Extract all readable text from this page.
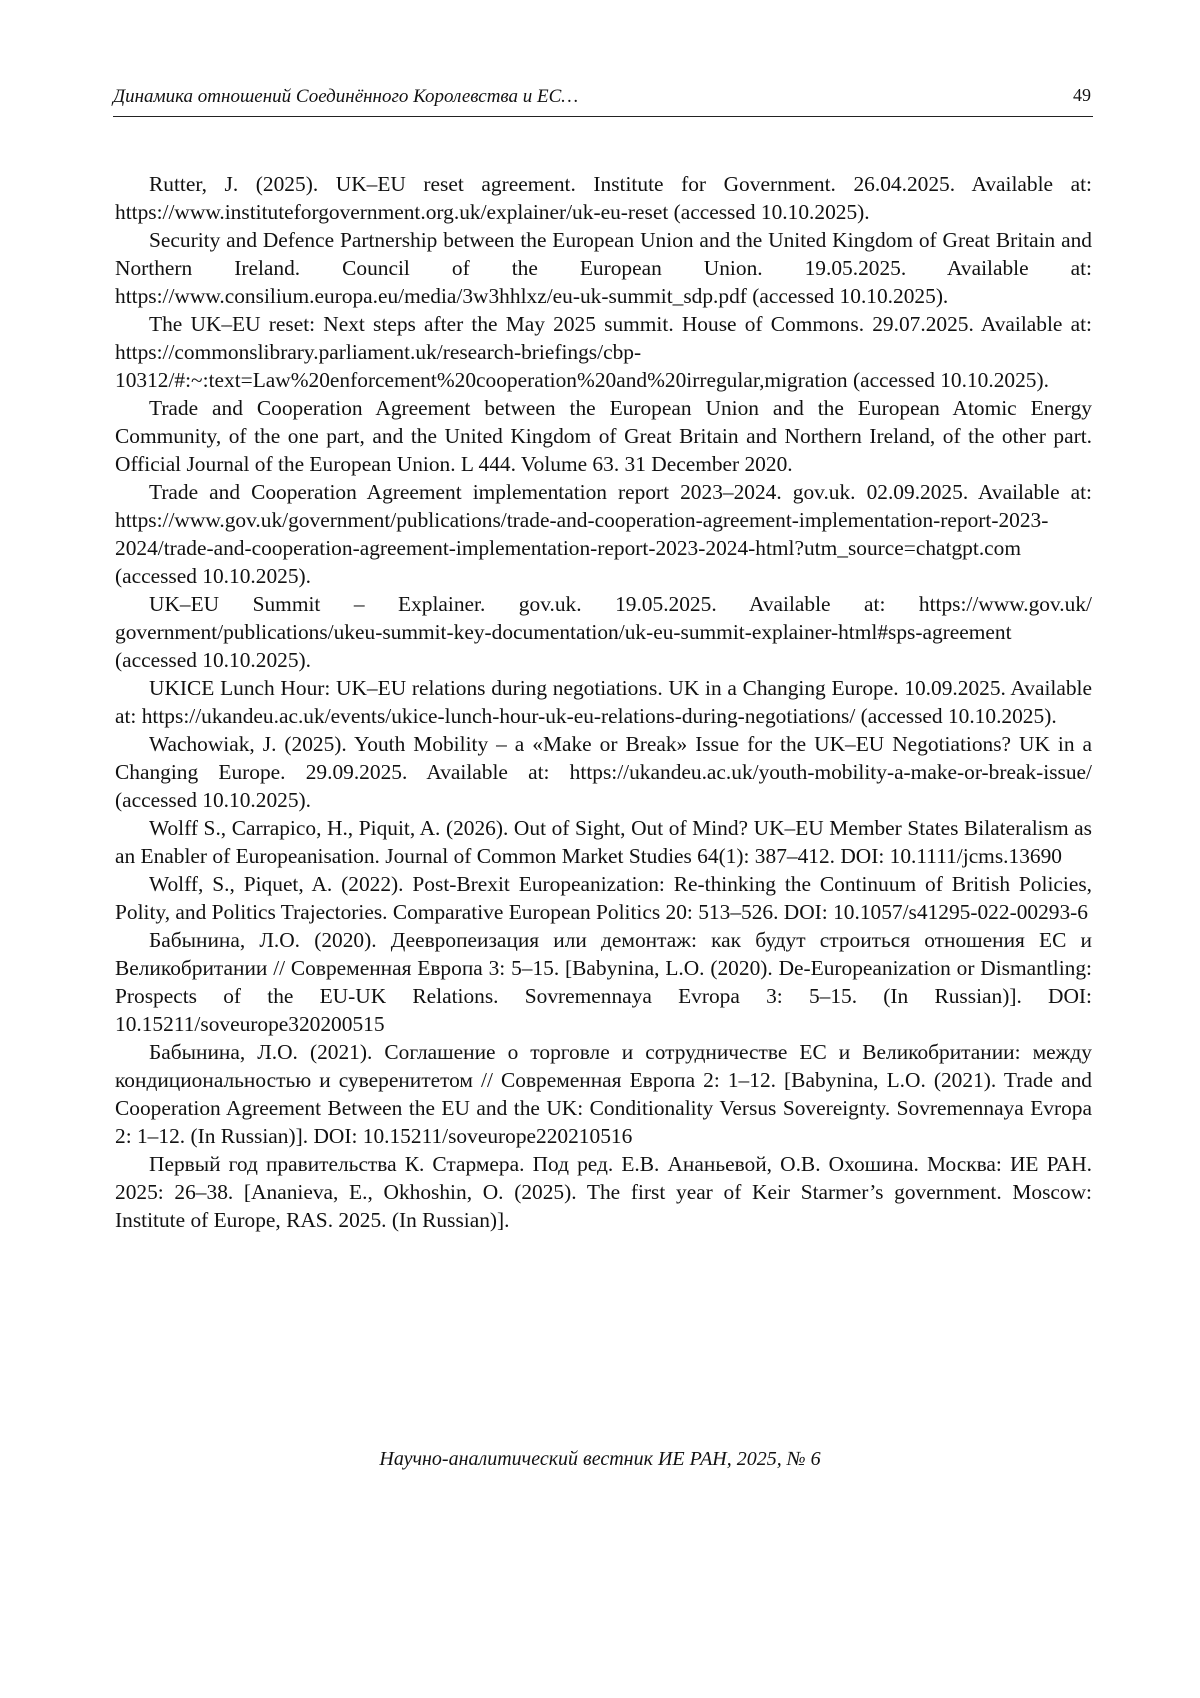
Динамика отношений Соединённого Королевства и ЕС…	49
Rutter, J. (2025). UK–EU reset agreement. Institute for Government. 26.04.2025. Available at: https://www.instituteforgovernment.org.uk/explainer/uk-eu-reset (accessed 10.10.2025).
Security and Defence Partnership between the European Union and the United Kingdom of Great Britain and Northern Ireland. Council of the European Union. 19.05.2025. Available at: https://www.consilium.europa.eu/media/3w3hhlxz/eu-uk-summit_sdp.pdf (accessed 10.10.2025).
The UK–EU reset: Next steps after the May 2025 summit. House of Commons. 29.07.2025. Available at: https://commonslibrary.parliament.uk/research-briefings/cbp-10312/#:~:text=Law%20enforcement%20cooperation%20and%20irregular,migration (accessed 10.10.2025).
Trade and Cooperation Agreement between the European Union and the European Atomic Energy Community, of the one part, and the United Kingdom of Great Britain and Northern Ireland, of the other part. Official Journal of the European Union. L 444. Volume 63. 31 December 2020.
Trade and Cooperation Agreement implementation report 2023–2024. gov.uk. 02.09.2025. Available at: https://www.gov.uk/government/publications/trade-and-cooperation-agreement-implementation-report-2023-2024/trade-and-cooperation-agreement-implementation-report-2023-2024-html?utm_source=chatgpt.com (accessed 10.10.2025).
UK–EU Summit – Explainer. gov.uk. 19.05.2025. Available at: https://www.gov.uk/ government/publications/ukeu-summit-key-documentation/uk-eu-summit-explainer-html#sps-agreement (accessed 10.10.2025).
UKICE Lunch Hour: UK–EU relations during negotiations. UK in a Changing Europe. 10.09.2025. Available at: https://ukandeu.ac.uk/events/ukice-lunch-hour-uk-eu-relations-during-negotiations/ (accessed 10.10.2025).
Wachowiak, J. (2025). Youth Mobility – a «Make or Break» Issue for the UK–EU Negotiations? UK in a Changing Europe. 29.09.2025. Available at: https://ukandeu.ac.uk/youth-mobility-a-make-or-break-issue/ (accessed 10.10.2025).
Wolff S., Carrapico, H., Piquit, A. (2026). Out of Sight, Out of Mind? UK–EU Member States Bilateralism as an Enabler of Europeanisation. Journal of Common Market Studies 64(1): 387–412. DOI: 10.1111/jcms.13690
Wolff, S., Piquet, A. (2022). Post-Brexit Europeanization: Re-thinking the Continuum of British Policies, Polity, and Politics Trajectories. Comparative European Politics 20: 513–526. DOI: 10.1057/s41295-022-00293-6
Бабынина, Л.О. (2020). Деевропеизация или демонтаж: как будут строиться отношения ЕС и Великобритании // Современная Европа 3: 5–15. [Babynina, L.O. (2020). De-Europeanization or Dismantling: Prospects of the EU-UK Relations. Sovremennaya Evropa 3: 5–15. (In Russian)]. DOI: 10.15211/soveurope320200515
Бабынина, Л.О. (2021). Соглашение о торговле и сотрудничестве ЕС и Великобритании: между кондициональностью и суверенитетом // Современная Европа 2: 1–12. [Babynina, L.O. (2021). Trade and Cooperation Agreement Between the EU and the UK: Conditionality Versus Sovereignty. Sovremennaya Evropa 2: 1–12. (In Russian)]. DOI: 10.15211/soveurope220210516
Первый год правительства К. Стармера. Под ред. Е.В. Ананьевой, О.В. Охошина. Москва: ИЕ РАН. 2025: 26–38. [Ananieva, E., Okhoshin, O. (2025). The first year of Keir Starmer’s government. Moscow: Institute of Europe, RAS. 2025. (In Russian)].
Научно-аналитический вестник ИЕ РАН, 2025, № 6
